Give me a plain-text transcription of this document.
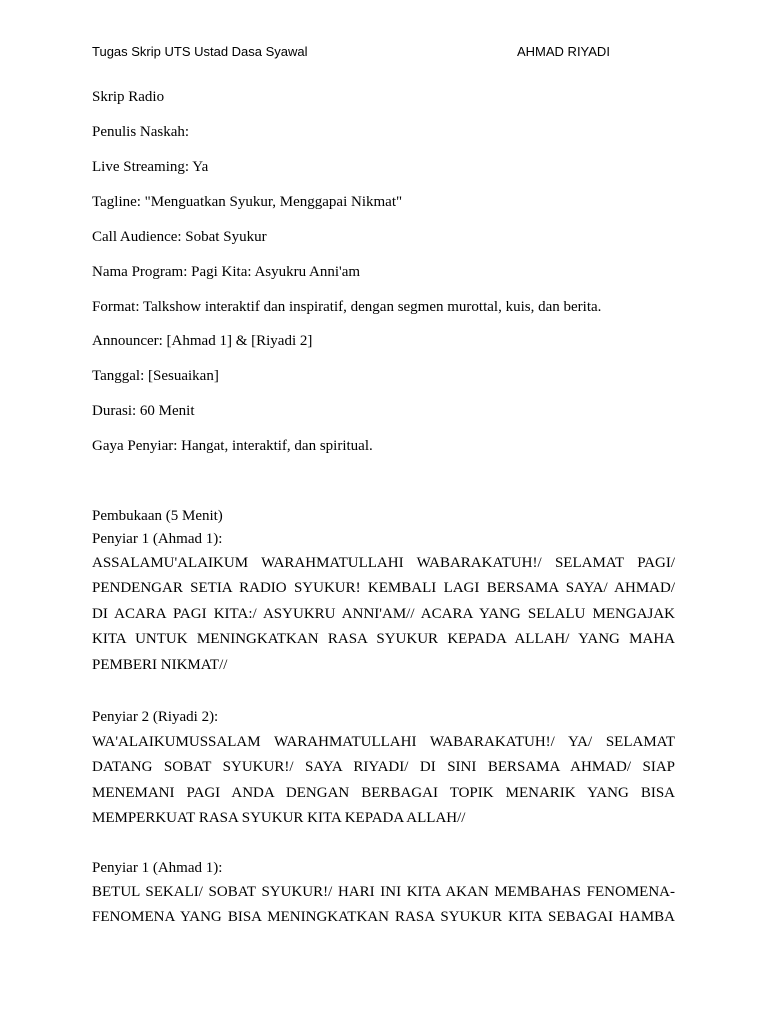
Tugas Skrip UTS Ustad Dasa Syawal	AHMAD RIYADI
Skrip Radio
Penulis Naskah:
Live Streaming: Ya
Tagline: "Menguatkan Syukur, Menggapai Nikmat"
Call Audience: Sobat Syukur
Nama Program: Pagi Kita: Asyukru Anni'am
Format: Talkshow interaktif dan inspiratif, dengan segmen murottal, kuis, dan berita.
Announcer: [Ahmad 1] & [Riyadi 2]
Tanggal: [Sesuaikan]
Durasi: 60 Menit
Gaya Penyiar: Hangat, interaktif, dan spiritual.
Pembukaan (5 Menit)
Penyiar 1 (Ahmad 1):
ASSALAMU'ALAIKUM WARAHMATULLAHI WABARAKATUH!/ SELAMAT PAGI/
PENDENGAR SETIA RADIO SYUKUR! KEMBALI LAGI BERSAMA SAYA/ AHMAD/
DI ACARA PAGI KITA:/ ASYUKRU ANNI'AM// ACARA YANG SELALU MENGAJAK
KITA UNTUK MENINGKATKAN RASA SYUKUR KEPADA ALLAH/ YANG MAHA
PEMBERI NIKMAT//
Penyiar 2 (Riyadi 2):
WA'ALAIKUMUSSALAM WARAHMATULLAHI WABARAKATUH!/ YA/ SELAMAT
DATANG SOBAT SYUKUR!/ SAYA RIYADI/ DI SINI BERSAMA AHMAD/ SIAP
MENEMANI PAGI ANDA DENGAN BERBAGAI TOPIK MENARIK YANG BISA
MEMPERKUAT RASA SYUKUR KITA KEPADA ALLAH//
Penyiar 1 (Ahmad 1):
BETUL SEKALI/ SOBAT SYUKUR!/ HARI INI KITA AKAN MEMBAHAS FENOMENA-
FENOMENA YANG BISA MENINGKATKAN RASA SYUKUR KITA SEBAGAI HAMBA
